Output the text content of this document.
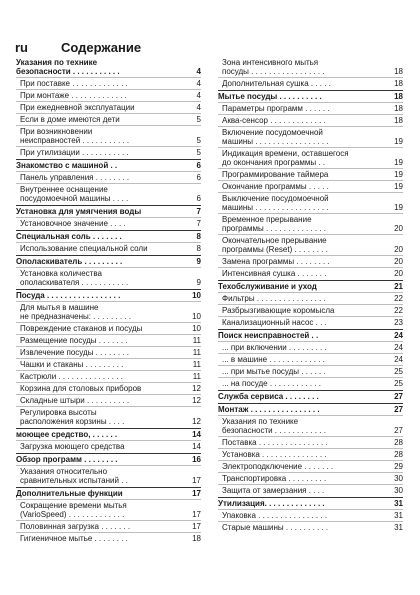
ru	Содержание
Указания по технике
безопасности . . . . . . . . . . .	4
При поставке . . . . . . . . . . . . .	4
При монтаже . . . . . . . . . . . . .	4
При ежедневной эксплуатации	4
Если в доме имеются дети	5
При возникновении
неисправностей . . . . . . . . . . .	5
При утилизации . . . . . . . . . . .	5
Знакомство с машиной . .	6
Панель управления . . . . . . . .	6
Внутреннее оснащение
посудомоечной машины . . . .	6
Установка для умягчения воды	7
Установочное значение . . . .	7
Специальная соль . . . . . . .	8
Использование специальной соли	8
Ополаскиватель . . . . . . . . .	9
Установка количества
ополаскивателя . . . . . . . . . . .	9
Посуда . . . . . . . . . . . . . . . . .	10
Для мытья в машине
не предназначены: . . . . . . . . .	10
Повреждение стаканов и посуды	10
Размещение посуды . . . . . . .	11
Извлечение посуды . . . . . . . .	11
Чашки и стаканы . . . . . . . . .	11
Кастрюли . . . . . . . . . . . . . . .	11
Корзина для столовых приборов	12
Складные штыри . . . . . . . . . .	12
Регулировка высоты
расположения корзины . . . .	12
моющее средство, . . . . . .	14
Загрузка моющего средства	14
Обзор программ . . . . . . . .	16
Указания относительно
сравнительных испытаний . .	17
Дополнительные функции	17
Сокращение времени мытья
(VarioSpeed) . . . . . . . . . . . . .	17
Половинная загрузка . . . . . . .	17
Гигиеничное мытье . . . . . . . .	18
Зона интенсивного мытья
посуды . . . . . . . . . . . . . . . . .	18
Дополнительная сушка . . . . .	18
Мытье посуды . . . . . . . . . .	18
Параметры программ . . . . . .	18
Аква-сенсор . . . . . . . . . . . . .	18
Включение посудомоечной
машины . . . . . . . . . . . . . . . . .	19
Индикация времени, оставшегося
до окончания программы . .	19
Программирование таймера	19
Окончание программы . . . . .	19
Выключение посудомоечной
машины . . . . . . . . . . . . . . . . .	19
Временное прерывание
программы . . . . . . . . . . . . . .	20
Окончательное прерывание
программы (Reset) . . . . . . . .	20
Замена программы . . . . . . . .	20
Интенсивная сушка . . . . . . .	20
Техобслуживание и уход	21
Фильтры . . . . . . . . . . . . . . . .	22
Разбрызгивающие коромысла	22
Канализационный насос . . .	23
Поиск неисправностей . .	24
... при включении . . . . . . . . .	24
... в машине . . . . . . . . . . . . .	24
... при мытье посуды . . . . . .	25
... на посуде . . . . . . . . . . . .	25
Служба сервиса . . . . . . . .	27
Монтаж . . . . . . . . . . . . . . . .	27
Указания по технике
безопасности . . . . . . . . . . . .	27
Поставка . . . . . . . . . . . . . . . .	28
Установка . . . . . . . . . . . . . . .	28
Электроподключение . . . . . . .	29
Транспортировка . . . . . . . . .	30
Защита от замерзания . . . .	30
Утилизация. . . . . . . . . . . . . .	31
Упаковка . . . . . . . . . . . . . . . .	31
Старые машины . . . . . . . . . .	31
